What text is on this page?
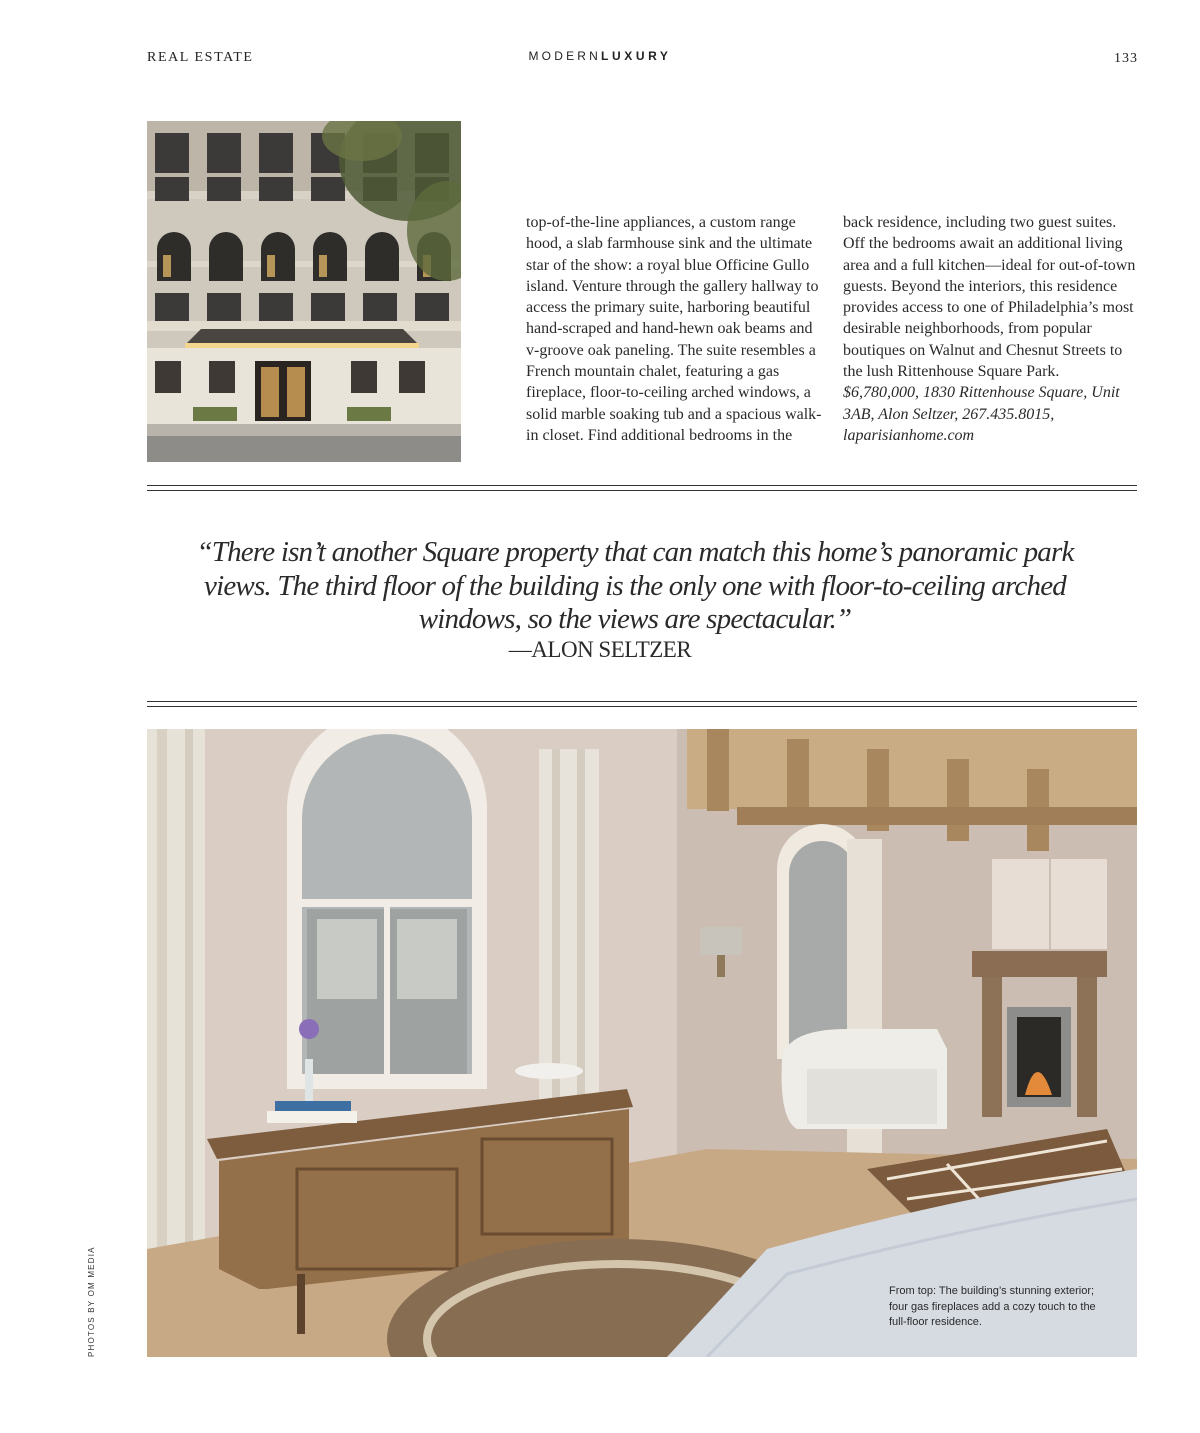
REAL ESTATE	MODERNLUXURY	133

top-of-the-line appliances, a custom range hood, a slab farmhouse sink and the ultimate star of the show: a royal blue Officine Gullo island. Venture through the gallery hallway to access the primary suite, harboring beautiful hand-scraped and hand-hewn oak beams and v-groove oak paneling. The suite resembles a French mountain chalet, featuring a gas fireplace, floor-to-ceiling arched windows, a solid marble soaking tub and a spacious walk-in closet. Find additional bedrooms in the

back residence, including two guest suites. Off the bedrooms await an additional living area and a full kitchen—ideal for out-of-town guests. Beyond the interiors, this residence provides access to one of Philadelphia’s most desirable neighborhoods, from popular boutiques on Walnut and Chesnut Streets to the lush Rittenhouse Square Park.

$6,780,000, 1830 Rittenhouse Square, Unit 3AB, Alon Seltzer, 267.435.8015, laparisianhome.com

“There isn’t another Square property that can match this home’s panoramic park views. The third floor of the building is the only one with floor-to-ceiling arched windows, so the views are spectacular.”
—ALON SELTZER
PHOTOS BY OM MEDIA	From top: The building’s stunning exterior; four gas fireplaces add a cozy touch to the full-floor residence.
